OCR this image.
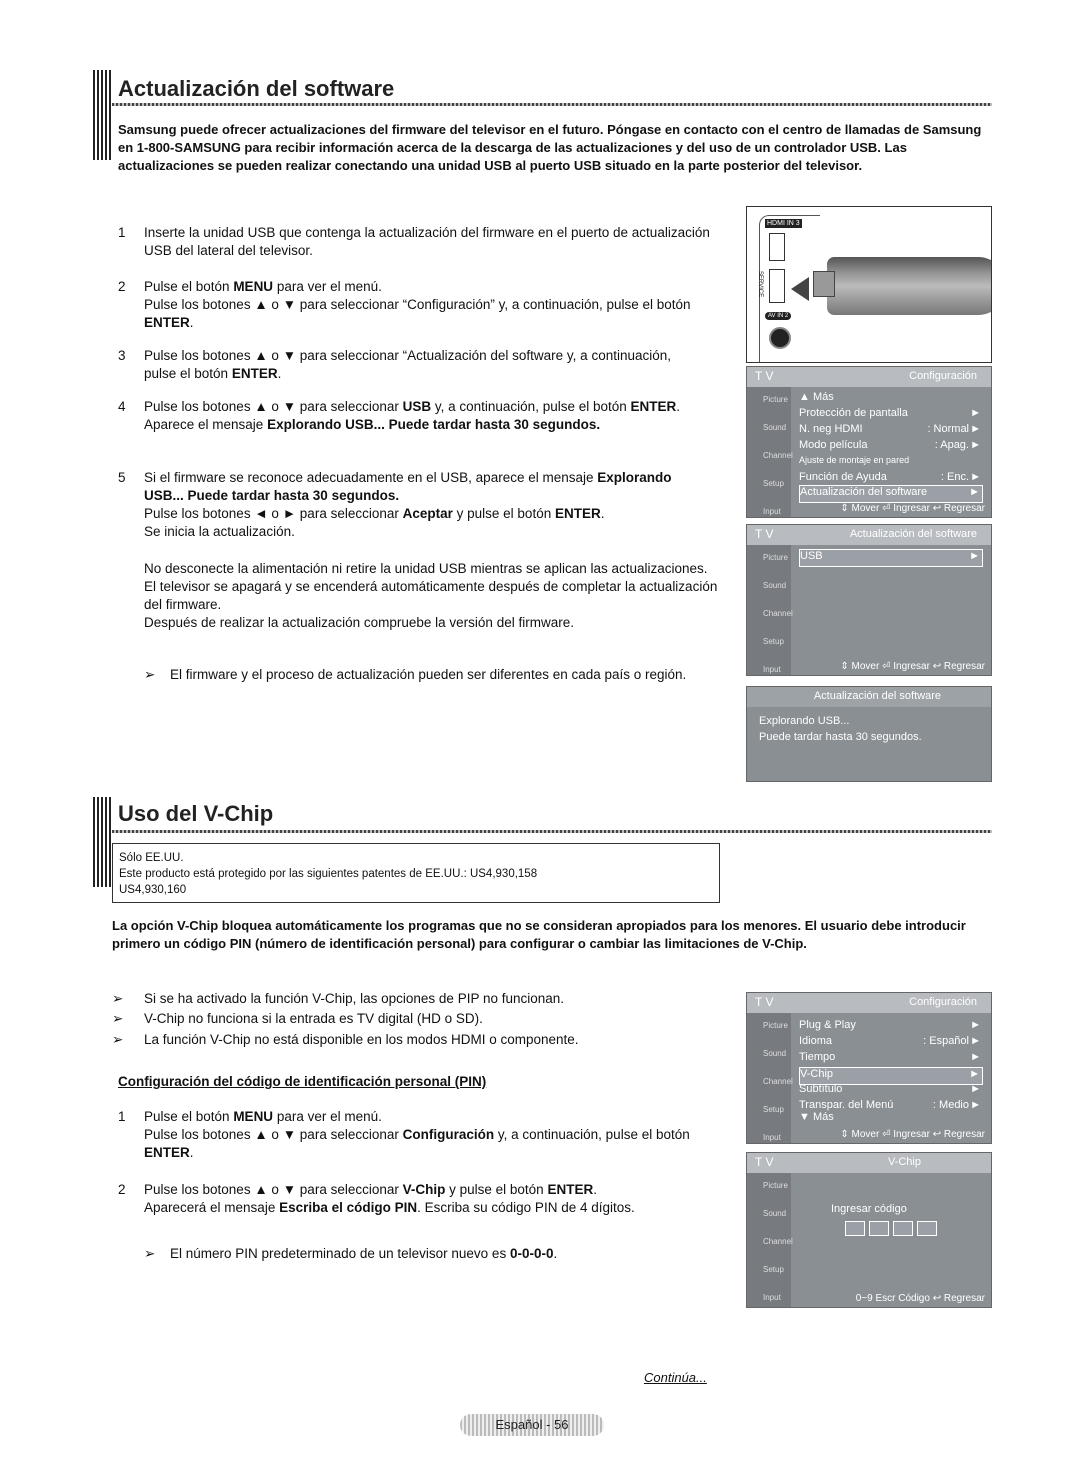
Actualización del software
Samsung puede ofrecer actualizaciones del firmware del televisor en el futuro. Póngase en contacto con el centro de llamadas de Samsung en 1-800-SAMSUNG para recibir información acerca de la descarga de las actualizaciones y del uso de un controlador USB. Las actualizaciones se pueden realizar conectando una unidad USB al puerto USB situado en la parte posterior del televisor.
1 Inserte la unidad USB que contenga la actualización del firmware en el puerto de actualización USB del lateral del televisor.
2 Pulse el botón MENU para ver el menú.
Pulse los botones ▲ o ▼ para seleccionar “Configuración” y, a continuación, pulse el botón ENTER.
3 Pulse los botones ▲ o ▼ para seleccionar “Actualización del software y, a continuación, pulse el botón ENTER.
4 Pulse los botones ▲ o ▼ para seleccionar USB y, a continuación, pulse el botón ENTER.
Aparece el mensaje Explorando USB... Puede tardar hasta 30 segundos.
5 Si el firmware se reconoce adecuadamente en el USB, aparece el mensaje Explorando USB... Puede tardar hasta 30 segundos.
Pulse los botones ◄ o ► para seleccionar Aceptar y pulse el botón ENTER.
Se inicia la actualización.
No desconecte la alimentación ni retire la unidad USB mientras se aplican las actualizaciones.
El televisor se apagará y se encenderá automáticamente después de completar la actualización del firmware.
Después de realizar la actualización compruebe la versión del firmware.
➢	El firmware y el proceso de actualización pueden ser diferentes en cada país o región.
HDMI IN 3
SERVICE
AV IN 2
T V	Configuración
Picture
Sound
Channel
Setup
Input
▲ Más
Protección de pantalla	►
N. neg HDMI	: Normal ►
Modo película	: Apag. ►
Ajuste de montaje en pared
Función de Ayuda	: Enc. ►
Actualización del software	►
⇕ Mover ⏎ Ingresar ↩ Regresar
T V	Actualización del software
Picture
Sound
Channel
Setup
Input
USB	►
⇕ Mover ⏎ Ingresar ↩ Regresar
Actualización del software
Explorando USB...
Puede tardar hasta 30 segundos.
Uso del V-Chip
Sólo EE.UU.
Este producto está protegido por las siguientes patentes de EE.UU.: US4,930,158
US4,930,160
La opción V-Chip bloquea automáticamente los programas que no se consideran apropiados para los menores. El usuario debe introducir primero un código PIN (número de identificación personal) para configurar o cambiar las limitaciones de V-Chip.
➢	Si se ha activado la función V-Chip, las opciones de PIP no funcionan.
➢	V-Chip no funciona si la entrada es TV digital (HD o SD).
➢	La función V-Chip no está disponible en los modos HDMI o componente.
Configuración del código de identificación personal (PIN)
1 Pulse el botón MENU para ver el menú.
Pulse los botones ▲ o ▼ para seleccionar Configuración y, a continuación, pulse el botón ENTER.
2 Pulse los botones ▲ o ▼ para seleccionar V-Chip y pulse el botón ENTER.
Aparecerá el mensaje Escriba el código PIN. Escriba su código PIN de 4 dígitos.
➢	El número PIN predeterminado de un televisor nuevo es 0-0-0-0.
T V	Configuración
Picture
Sound
Channel
Setup
Input
Plug & Play	►
Idioma	: Español ►
Tiempo	►
V-Chip	►
Subtítulo	►
Transpar. del Menú	: Medio ►
▼ Más
⇕ Mover ⏎ Ingresar ↩ Regresar
T V	V-Chip
Picture
Sound
Channel
Setup
Input
Ingresar código
0~9 Escr Código ↩ Regresar
Continúa...
Español - 56
